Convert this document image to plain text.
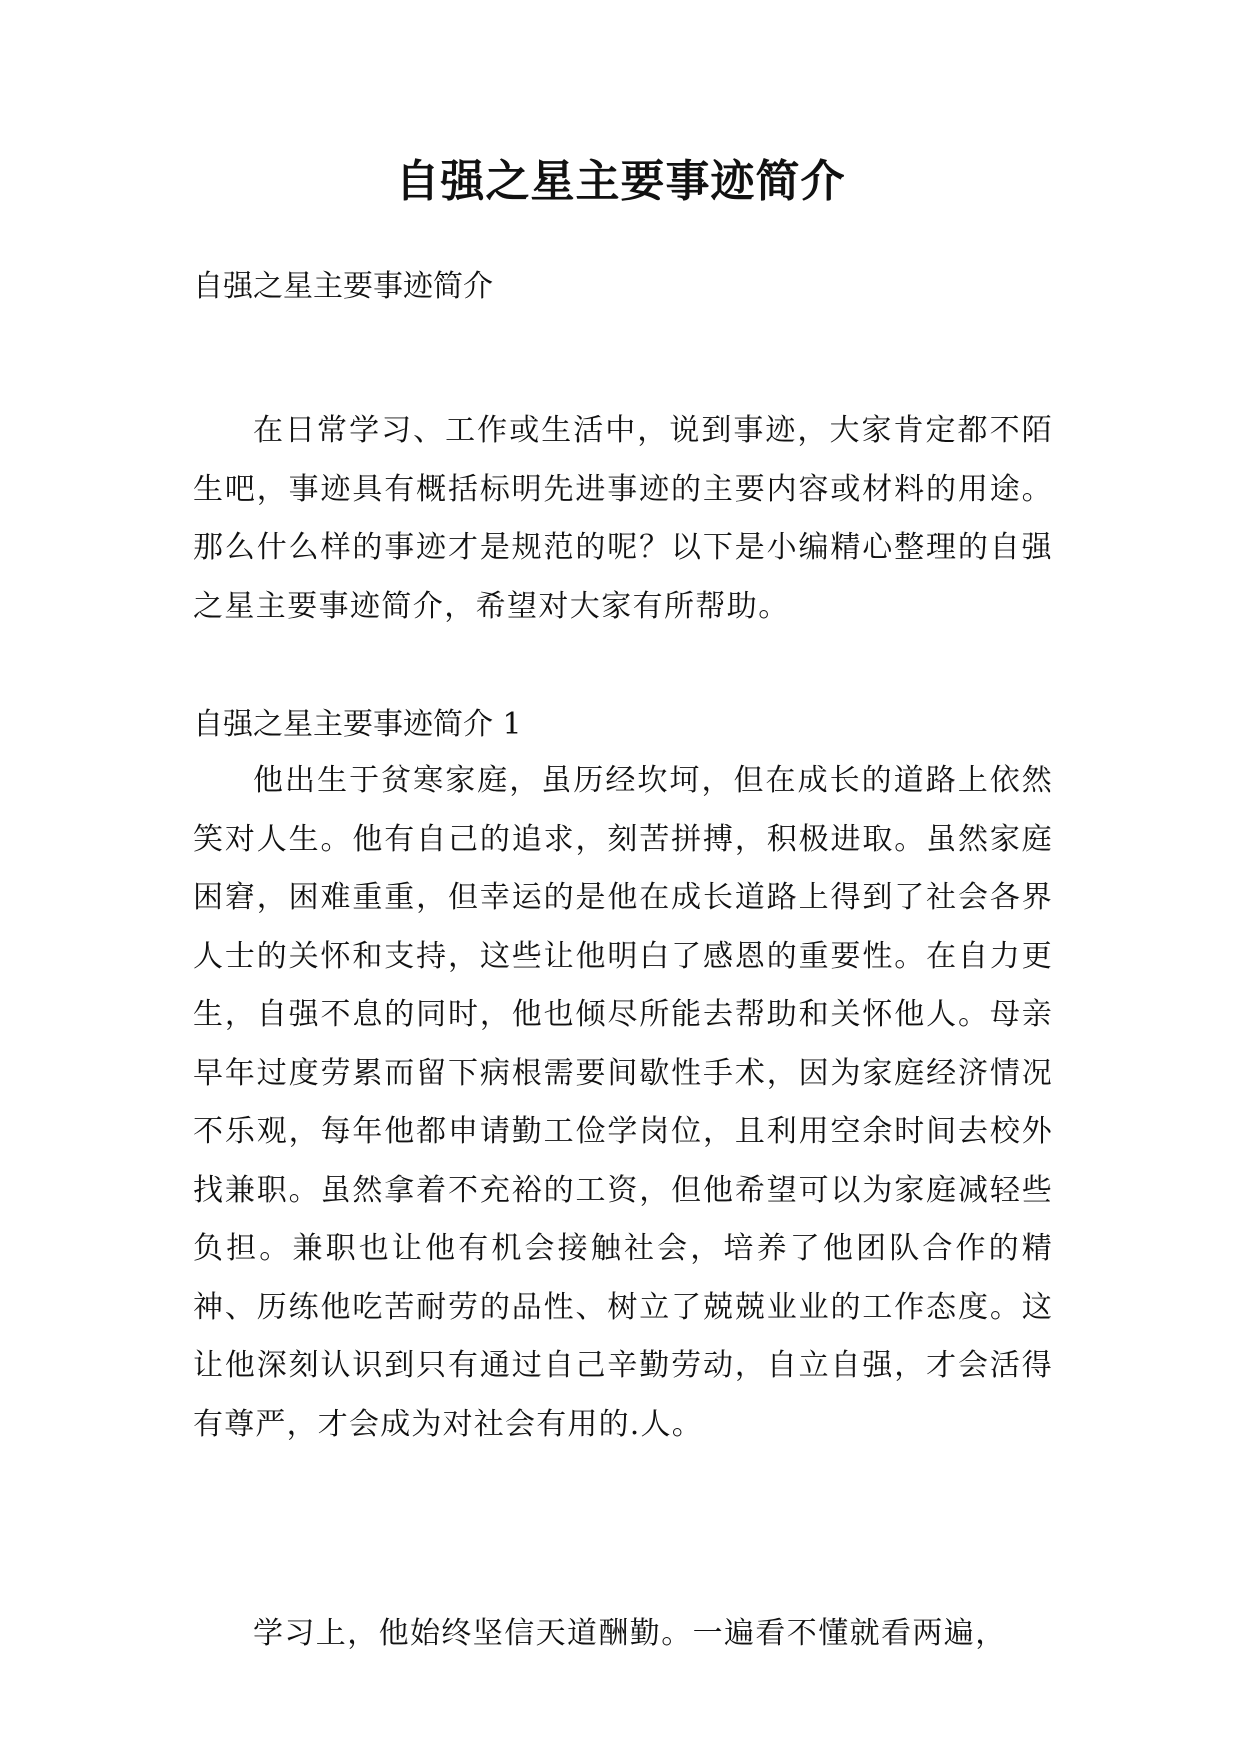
自强之星主要事迹简介

自强之星主要事迹简介

在日常学习、工作或生活中，说到事迹，大家肯定都不陌生吧，事迹具有概括标明先进事迹的主要内容或材料的用途。那么什么样的事迹才是规范的呢？以下是小编精心整理的自强之星主要事迹简介，希望对大家有所帮助。

自强之星主要事迹简介 1

他出生于贫寒家庭，虽历经坎坷，但在成长的道路上依然笑对人生。他有自己的追求，刻苦拼搏，积极进取。虽然家庭困窘，困难重重，但幸运的是他在成长道路上得到了社会各界人士的关怀和支持，这些让他明白了感恩的重要性。在自力更生，自强不息的同时，他也倾尽所能去帮助和关怀他人。母亲早年过度劳累而留下病根需要间歇性手术，因为家庭经济情况不乐观，每年他都申请勤工俭学岗位，且利用空余时间去校外找兼职。虽然拿着不充裕的工资，但他希望可以为家庭减轻些负担。兼职也让他有机会接触社会，培养了他团队合作的精神、历练他吃苦耐劳的品性、树立了兢兢业业的工作态度。这让他深刻认识到只有通过自己辛勤劳动，自立自强，才会活得有尊严，才会成为对社会有用的.人。

学习上，他始终坚信天道酬勤。一遍看不懂就看两遍，
